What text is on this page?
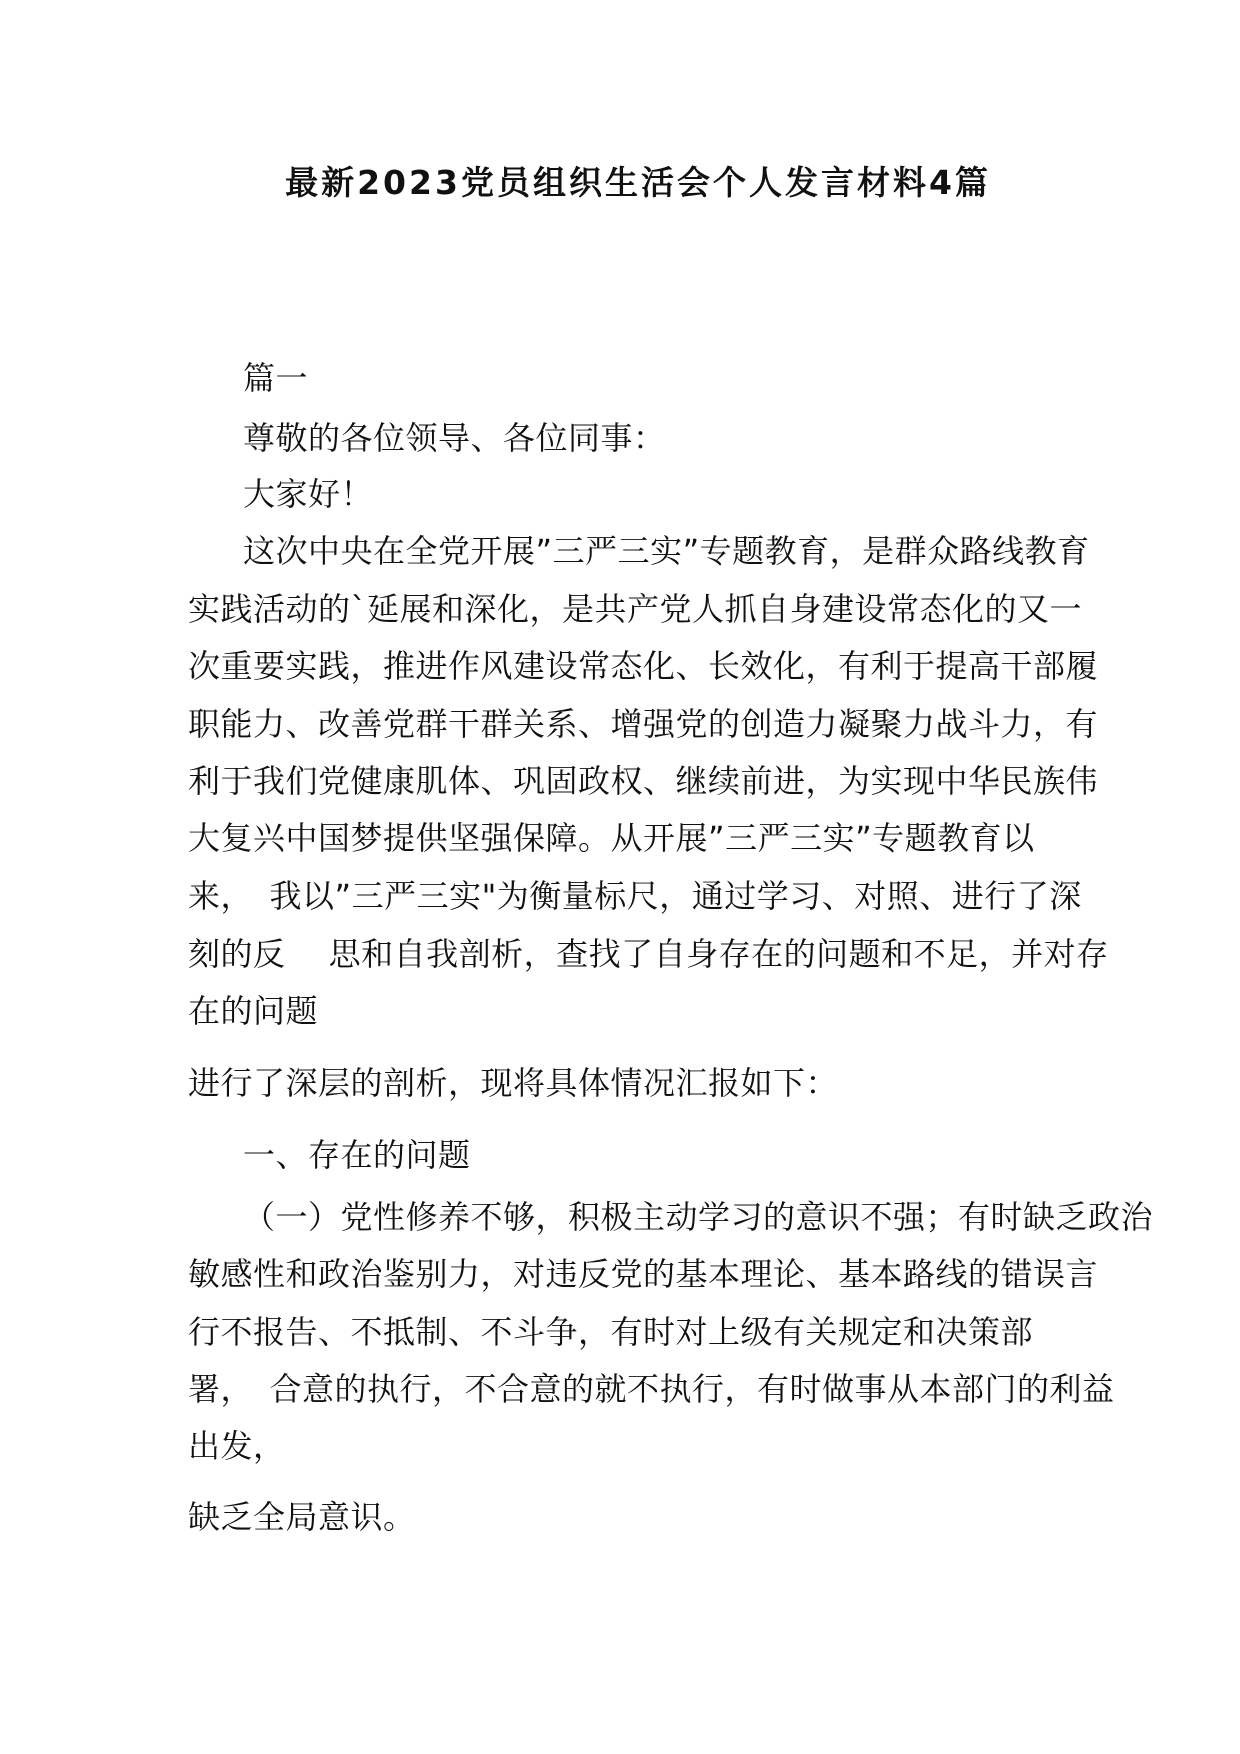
最新2023党员组织生活会个人发言材料4篇
篇一
尊敬的各位领导、各位同事：
大家好！
这次中央在全党开展”三严三实”专题教育，是群众路线教育
实践活动的`延展和深化，是共产党人抓自身建设常态化的又一
次重要实践，推进作风建设常态化、长效化，有利于提高干部履
职能力、改善党群干群关系、增强党的创造力凝聚力战斗力，有
利于我们党健康肌体、巩固政权、继续前进，为实现中华民族伟
大复兴中国梦提供坚强保障。从开展”三严三实”专题教育以
来，　我以”三严三实"为衡量标尺，通过学习、对照、进行了深
刻的反　 思和自我剖析，查找了自身存在的问题和不足，并对存
在的问题
进行了深层的剖析，现将具体情况汇报如下：
一、存在的问题
（一）党性修养不够，积极主动学习的意识不强；有时缺乏政治
敏感性和政治鉴别力，对违反党的基本理论、基本路线的错误言
行不报告、不抵制、不斗争，有时对上级有关规定和决策部
署，　合意的执行，不合意的就不执行，有时做事从本部门的利益
出发，
缺乏全局意识。
